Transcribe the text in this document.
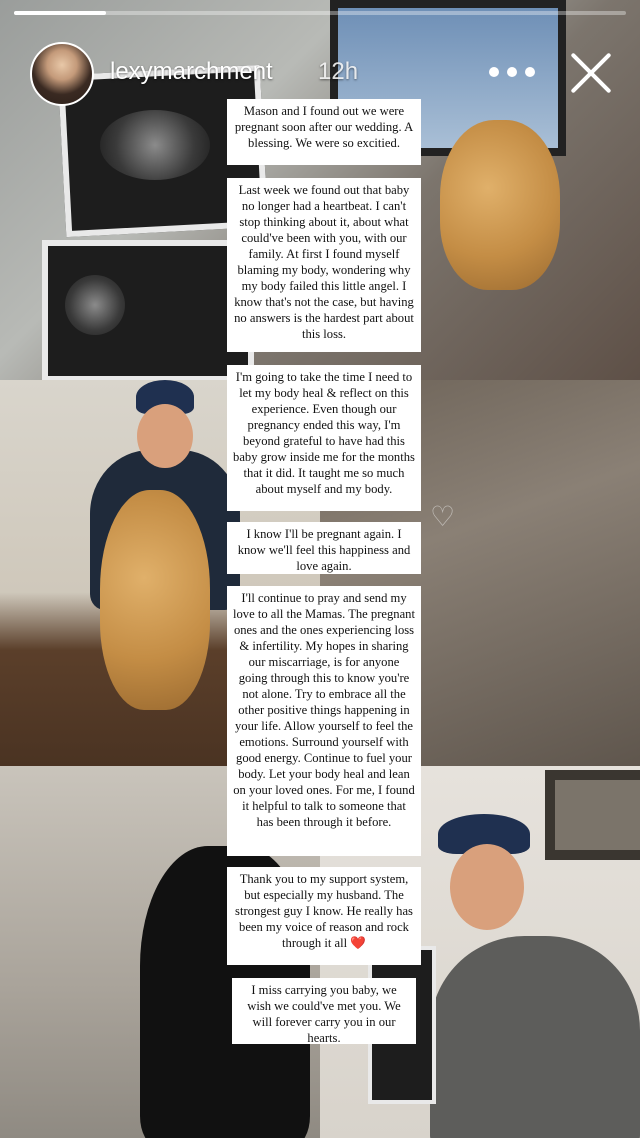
♡
lexymarchment 12h
Mason and I found out we were pregnant soon after our wedding. A blessing. We were so excitied.
Last week we found out that baby no longer had a heartbeat. I can't stop thinking about it, about what could've been with you, with our family. At first I found myself blaming my body, wondering why my body failed this little angel. I know that's not the case, but having no answers is the hardest part about this loss.
I'm going to take the time I need to let my body heal & reflect on this experience. Even though our pregnancy ended this way, I'm beyond grateful to have had this baby grow inside me for the months that it did. It taught me so much about myself and my body.
I know I'll be pregnant again. I know we'll feel this happiness and love again.
I'll continue to pray and send my love to all the Mamas. The pregnant ones and the ones experiencing loss & infertility. My hopes in sharing our miscarriage, is for anyone going through this to know you're not alone. Try to embrace all the other positive things happening in your life. Allow yourself to feel the emotions. Surround yourself with good energy. Continue to fuel your body. Let your body heal and lean on your loved ones. For me, I found it helpful to talk to someone that has been through it before.
Thank you to my support system, but especially my husband. The strongest guy I know. He really has been my voice of reason and rock through it all ❤️
I miss carrying you baby, we wish we could've met you. We will forever carry you in our hearts.
